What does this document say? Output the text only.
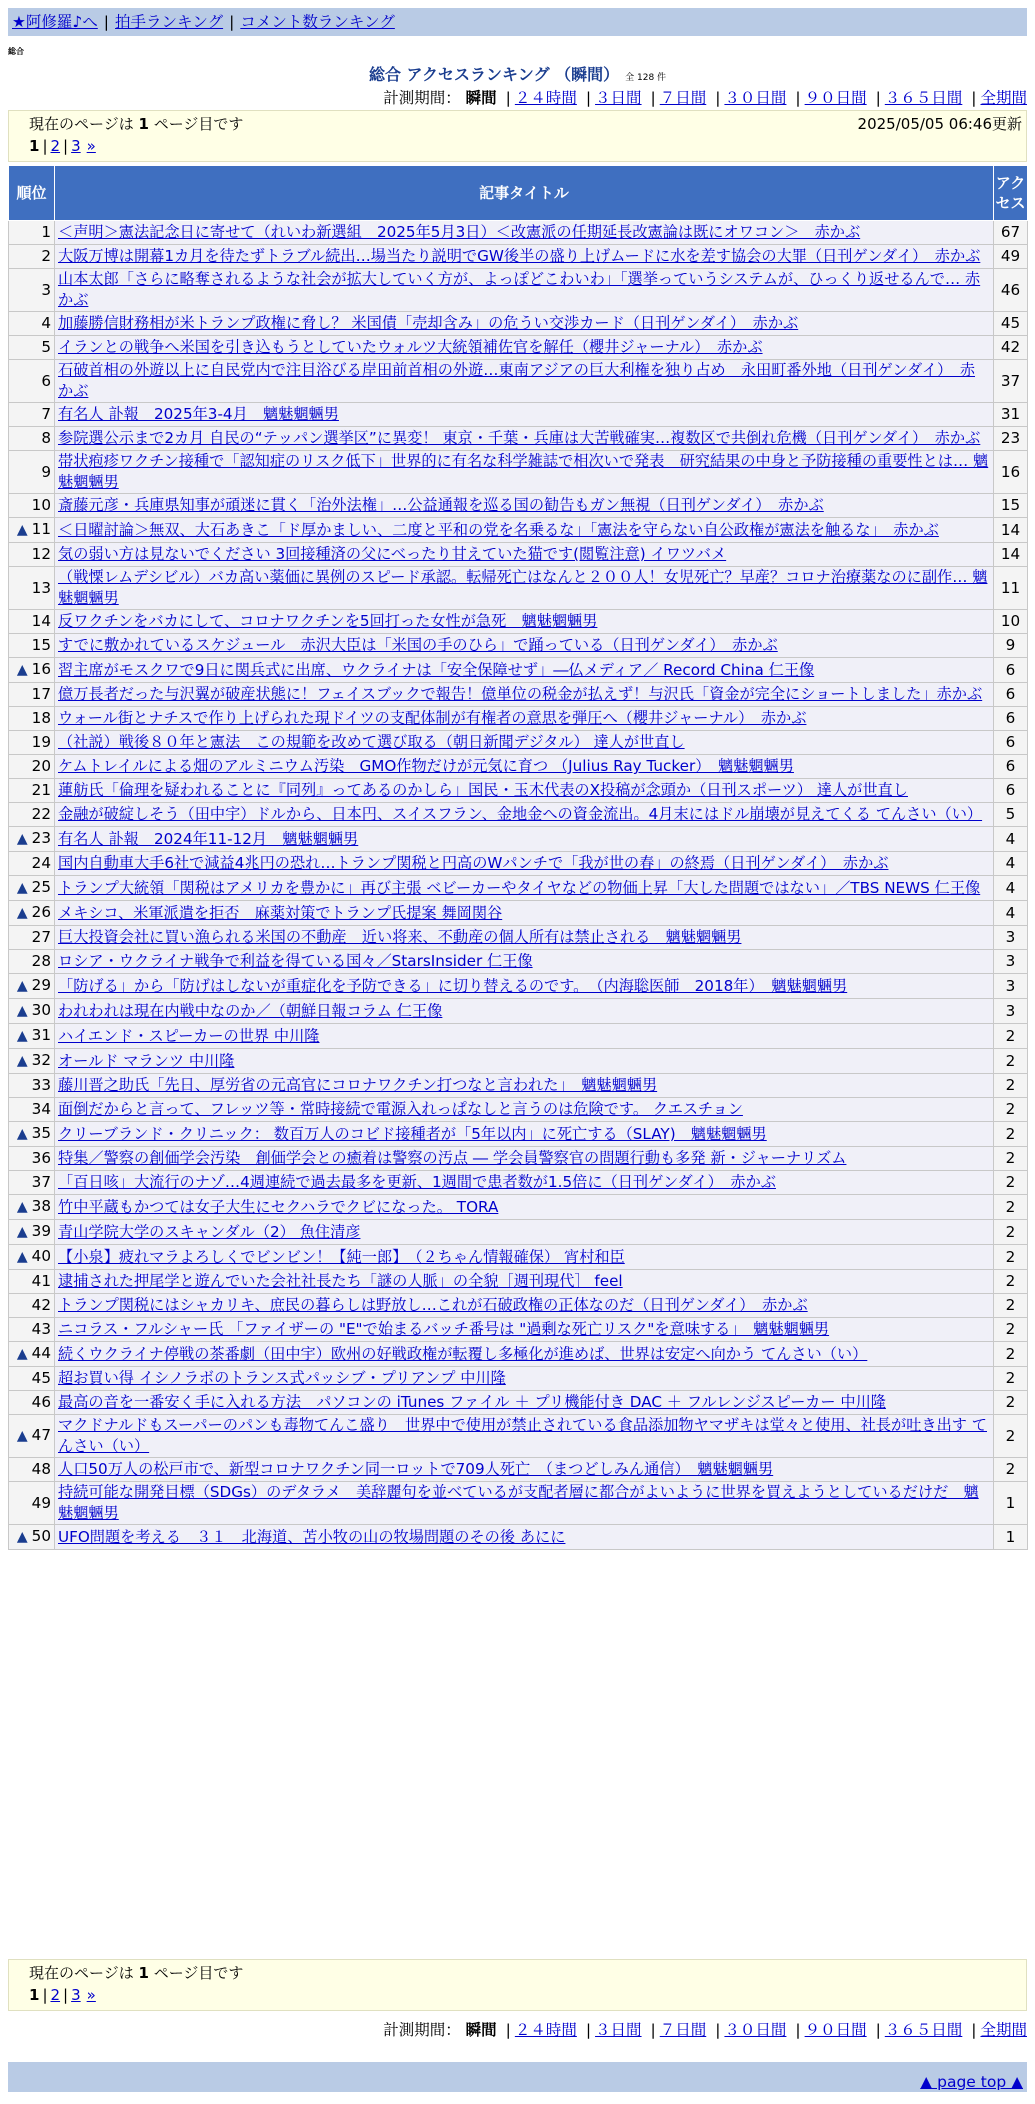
★阿修羅♪へ | 拍手ランキング | コメント数ランキング
総合
総合 アクセスランキング （瞬間） 全 128 件
計測期間： 瞬間 | ２４時間 | ３日間 | ７日間 | ３０日間 | ９０日間 | ３６５日間 | 全期間
現在のページは 1 ページ目です	2025/05/05 06:46更新
1 | 2 | 3 »
順位	記事タイトル	アクセス
1	＜声明＞憲法記念日に寄せて（れいわ新選組　2025年5月3日）＜改憲派の任期延長改憲論は既にオワコン＞　赤かぶ	67
2	大阪万博は開幕1カ月を待たずトラブル続出…場当たり説明でGW後半の盛り上げムードに水を差す協会の大罪（日刊ゲンダイ）　赤かぶ	49
3	山本太郎「さらに略奪されるような社会が拡大していく方が、よっぽどこわいわ」「選挙っていうシステムが、ひっくり返せるんで… 赤かぶ	46
4	加藤勝信財務相が米トランプ政権に脅し？ 米国債「売却含み」の危うい交渉カード（日刊ゲンダイ）　赤かぶ	45
5	イランとの戦争へ米国を引き込もうとしていたウォルツ大統領補佐官を解任（櫻井ジャーナル）　赤かぶ	42
6	石破首相の外遊以上に自民党内で注目浴びる岸田前首相の外遊…東南アジアの巨大利権を独り占め　永田町番外地（日刊ゲンダイ）　赤かぶ	37
7	有名人 訃報　2025年3-4月　魑魅魍魎男	31
8	参院選公示まで2カ月 自民の“テッパン選挙区”に異変！ 東京・千葉・兵庫は大苦戦確実…複数区で共倒れ危機（日刊ゲンダイ）　赤かぶ	23
9	帯状疱疹ワクチン接種で「認知症のリスク低下」世界的に有名な科学雑誌で相次いで発表　研究結果の中身と予防接種の重要性とは… 魑魅魍魎男	16
10	斎藤元彦・兵庫県知事が頑迷に貫く「治外法権」…公益通報を巡る国の勧告もガン無視（日刊ゲンダイ）　赤かぶ	15
▲ 11	＜日曜討論＞無双、大石あきこ「ド厚かましい、二度と平和の党を名乗るな」「憲法を守らない自公政権が憲法を触るな」　赤かぶ	14
12	気の弱い方は見ないでください 3回接種済の父にべったり甘えていた猫です(閲覧注意) イワツバメ	14
13	（戦慄レムデシビル）バカ高い薬価に異例のスピード承認。転帰死亡はなんと２００人！女児死亡？早産？コロナ治療薬なのに副作… 魑魅魍魎男	11
14	反ワクチンをバカにして、コロナワクチンを5回打った女性が急死　魑魅魍魎男	10
15	すでに敷かれているスケジュール　赤沢大臣は「米国の手のひら」で踊っている（日刊ゲンダイ）　赤かぶ	9
▲ 16	習主席がモスクワで9日に関兵式に出席、ウクライナは「安全保障せず」―仏メディア／ Record China 仁王像	6
17	億万長者だった与沢翼が破産状態に！フェイスブックで報告！億単位の税金が払えず！与沢氏「資金が完全にショートしました」赤かぶ	6
18	ウォール街とナチスで作り上げられた現ドイツの支配体制が有権者の意思を弾圧へ（櫻井ジャーナル）　赤かぶ	6
19	（社説）戦後８０年と憲法　この規範を改めて選び取る（朝日新聞デジタル） 達人が世直し	6
20	ケムトレイルによる畑のアルミニウム汚染　GMO作物だけが元気に育つ （Julius Ray Tucker）　魑魅魍魎男	6
21	蓮舫氏「倫理を疑われることに『同列』ってあるのかしら」国民・玉木代表のX投稿が念頭か（日刊スポーツ） 達人が世直し	6
22	金融が破綻しそう（田中宇）ドルから、日本円、スイスフラン、金地金への資金流出。4月末にはドル崩壊が見えてくる てんさい（い）	5
▲ 23	有名人 訃報　2024年11-12月　魑魅魍魎男	4
24	国内自動車大手6社で減益4兆円の恐れ…トランプ関税と円高のWパンチで「我が世の春」の終焉（日刊ゲンダイ）　赤かぶ	4
▲ 25	トランプ大統領「関税はアメリカを豊かに」再び主張 ベビーカーやタイヤなどの物価上昇「大した問題ではない」／TBS NEWS 仁王像	4
▲ 26	メキシコ、米軍派遣を拒否　麻薬対策でトランプ氏提案 舞岡関谷	4
27	巨大投資会社に買い漁られる米国の不動産　近い将来、不動産の個人所有は禁止される　魑魅魍魎男	3
28	ロシア・ウクライナ戦争で利益を得ている国々／StarsInsider 仁王像	3
▲ 29	「防げる」から「防げはしないが重症化を予防できる」に切り替えるのです。　（内海聡医師　2018年）　魑魅魍魎男	3
▲ 30	われわれは現在内戦中なのか／（朝鮮日報コラム 仁王像	3
▲ 31	ハイエンド・スピーカーの世界 中川隆	2
▲ 32	オールド マランツ 中川隆	2
33	藤川晋之助氏「先日、厚労省の元高官にコロナワクチン打つなと言われた」　魑魅魍魎男	2
34	面倒だからと言って、フレッツ等・常時接続で電源入れっぱなしと言うのは危険です。 クエスチョン	2
▲ 35	クリーブランド・クリニック： 数百万人のコビド接種者が「5年以内」に死亡する（SLAY)　魑魅魍魎男	2
36	特集／警察の創価学会汚染　創価学会との癒着は警察の汚点 ― 学会員警察官の問題行動も多発 新・ジャーナリズム	2
37	「百日咳」大流行のナゾ…4週連続で過去最多を更新、1週間で患者数が1.5倍に（日刊ゲンダイ）　赤かぶ	2
▲ 38	竹中平蔵もかつては女子大生にセクハラでクビになった。 TORA	2
▲ 39	青山学院大学のスキャンダル（2） 魚住清彦	2
▲ 40	【小泉】疲れマラよろしくでビンビン！【純一郎】　（２ちゃん情報確保） 宵村和臣	2
41	逮捕された押尾学と遊んでいた会社社長たち「謎の人脈」の全貌［週刊現代］ feel	2
42	トランプ関税にはシャカリキ、庶民の暮らしは野放し…これが石破政権の正体なのだ（日刊ゲンダイ）　赤かぶ	2
43	ニコラス・フルシャー氏 「ファイザーの "E"で始まるバッチ番号は "過剰な死亡リスク"を意味する」　魑魅魍魎男	2
▲ 44	続くウクライナ停戦の茶番劇（田中宇）欧州の好戦政権が転覆し多極化が進めば、世界は安定へ向かう てんさい（い）	2
45	超お買い得 イシノラボのトランス式パッシブ・プリアンプ 中川隆	2
46	最高の音を一番安く手に入れる方法　パソコンの iTunes ファイル ＋ プリ機能付き DAC ＋ フルレンジスピーカー 中川隆	2
▲ 47	マクドナルドもスーパーのパンも毒物てんこ盛り　世界中で使用が禁止されている食品添加物ヤマザキは堂々と使用、社長が吐き出す てんさい（い）	2
48	人口50万人の松戸市で、新型コロナワクチン同一ロットで709人死亡　（まつどしみん通信）　魑魅魍魎男	2
49	持続可能な開発目標（SDGs）のデタラメ　美辞麗句を並べているが支配者層に都合がよいように世界を買えようとしているだけだ　魑魅魍魎男	1
▲ 50	UFO問題を考える　３１　北海道、苫小牧の山の牧場問題のその後 あにに	1
現在のページは 1 ページ目です
1 | 2 | 3 »
計測期間： 瞬間 | ２４時間 | ３日間 | ７日間 | ３０日間 | ９０日間 | ３６５日間 | 全期間
▲ page top ▲
